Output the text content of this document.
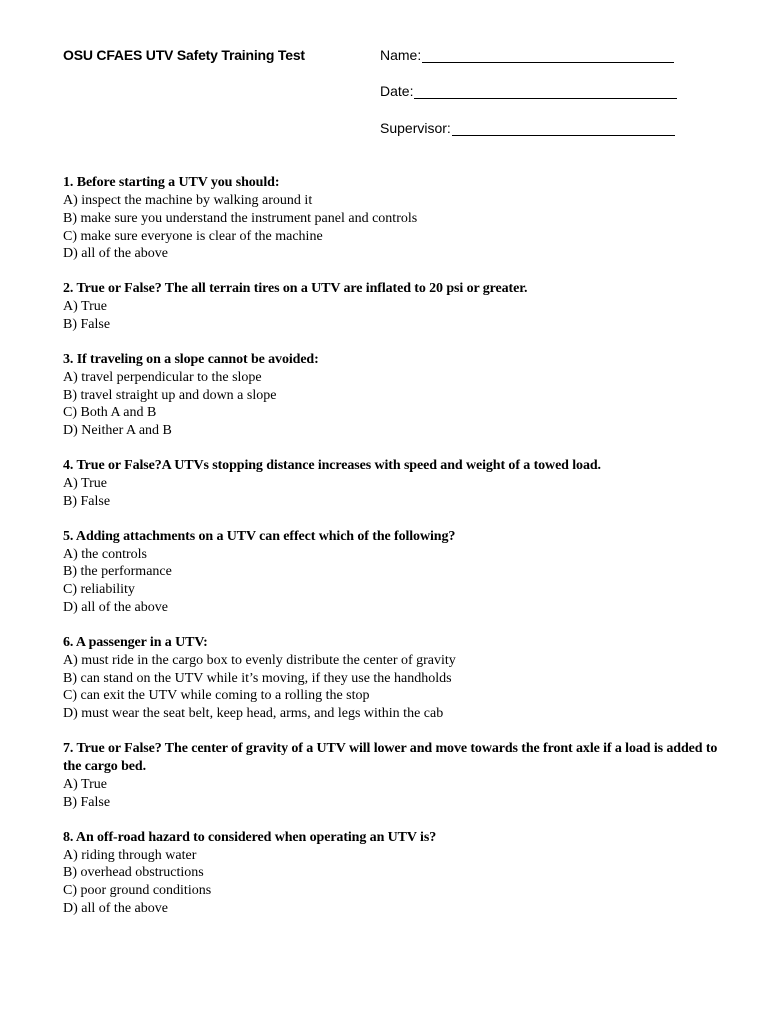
OSU CFAES UTV Safety Training Test	Name:
Date:
Supervisor:
1. Before starting a UTV you should:
A) inspect the machine by walking around it
B) make sure you understand the instrument panel and controls
C) make sure everyone is clear of the machine
D) all of the above
2. True or False? The all terrain tires on a UTV are inflated to 20 psi or greater.
A) True
B) False
3. If traveling on a slope cannot be avoided:
A) travel perpendicular to the slope
B) travel straight up and down a slope
C) Both A and B
D) Neither A and B
4. True or False?A UTVs stopping distance increases with speed and weight of a towed load.
A) True
B) False
5. Adding attachments on a UTV can effect which of the following?
A) the controls
B) the performance
C) reliability
D) all of the above
6. A passenger in a UTV:
A) must ride in the cargo box to evenly distribute the center of gravity
B) can stand on the UTV while it’s moving, if they use the handholds
C) can exit the UTV while coming to a rolling the stop
D) must wear the seat belt, keep head, arms, and legs within the cab
7. True or False? The center of gravity of a UTV will lower and move towards the front axle if a load is added to the cargo bed.
A) True
B) False
8. An off-road hazard to considered when operating an UTV is?
A) riding through water
B) overhead obstructions
C) poor ground conditions
D) all of the above
